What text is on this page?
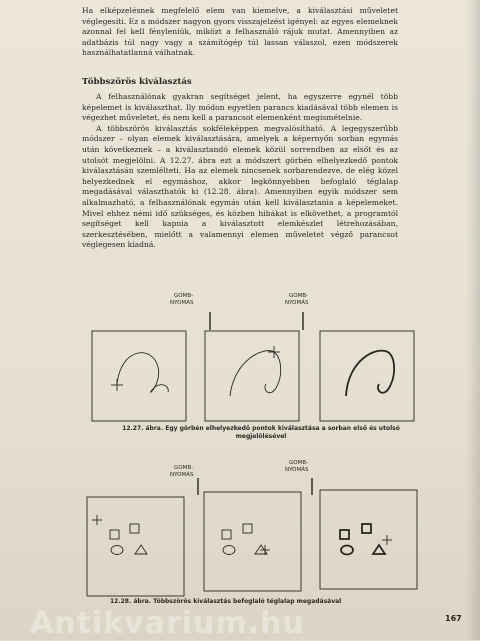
Ha elképzelésnek megfelelő elem van kiemelve, a kiválasztási műveletet véglegesíti. Ez a módszer nagyon gyors visszajelzést igényel: az egyes elemeknek azonnal fel kell fényleniük, miközt a felhasználó rájuk mutat. Amennyiben az adatbázis túl nagy vagy a számítógép túl lassan válaszol, ezen módszerek használhatatlanná válhatnak.

Többszörös kiválasztás

A felhasználónak gyakran segítséget jelent, ha egyszerre egynél több képelemet is kiválaszthat. Ily módon egyetlen parancs kiadásával több elemen is végezhet műveletet, és nem kell a parancsot elemenként megismételnie.

A többszörös kiválasztás sokféleképpen megvalósítható. A legegyszerűbb módszer – olyan elemek kiválasztására, amelyek a képernyőn sorban egymás után következnek – a kiválasztandó elemek közül sorrendben az elsőt és az utolsót megjelölni. A 12.27. ábra ezt a módszert görbén elhelyezkedő pontok kiválasztásán szemlélteti. Ha az elemek nincsenek sorbarendezve, de elég közel helyezkednek el egymáshoz, akkor legkönnyebben befoglaló téglalap megadásával választhatók ki (12.28. ábra). Amennyiben egyik módszer sem alkalmazható, a felhasználónak egymás után kell kiválasztania a képelemeket. Mivel ehhez némi idő szükséges, és közben hibákat is elkövethet, a programtól segítséget kell kapnia a kiválasztott elemkészlet létrehozásában, szerkesztésében, mielőtt a valamennyi elemen műveletet végző parancsot véglegesen kiadná.

GOMB-
NYOMÁS
GOMB-
NYOMÁS
GOMB-
NYOMÁS
GOMB-
NYOMÁS
12.27. ábra. Egy görbén elhelyezkedő pontok kiválasztása a sorban első és utolsó megjelölésével
12.28. ábra. Többszörös kiválasztás befoglaló téglalap megadásával
167
Antikvarium.hu
